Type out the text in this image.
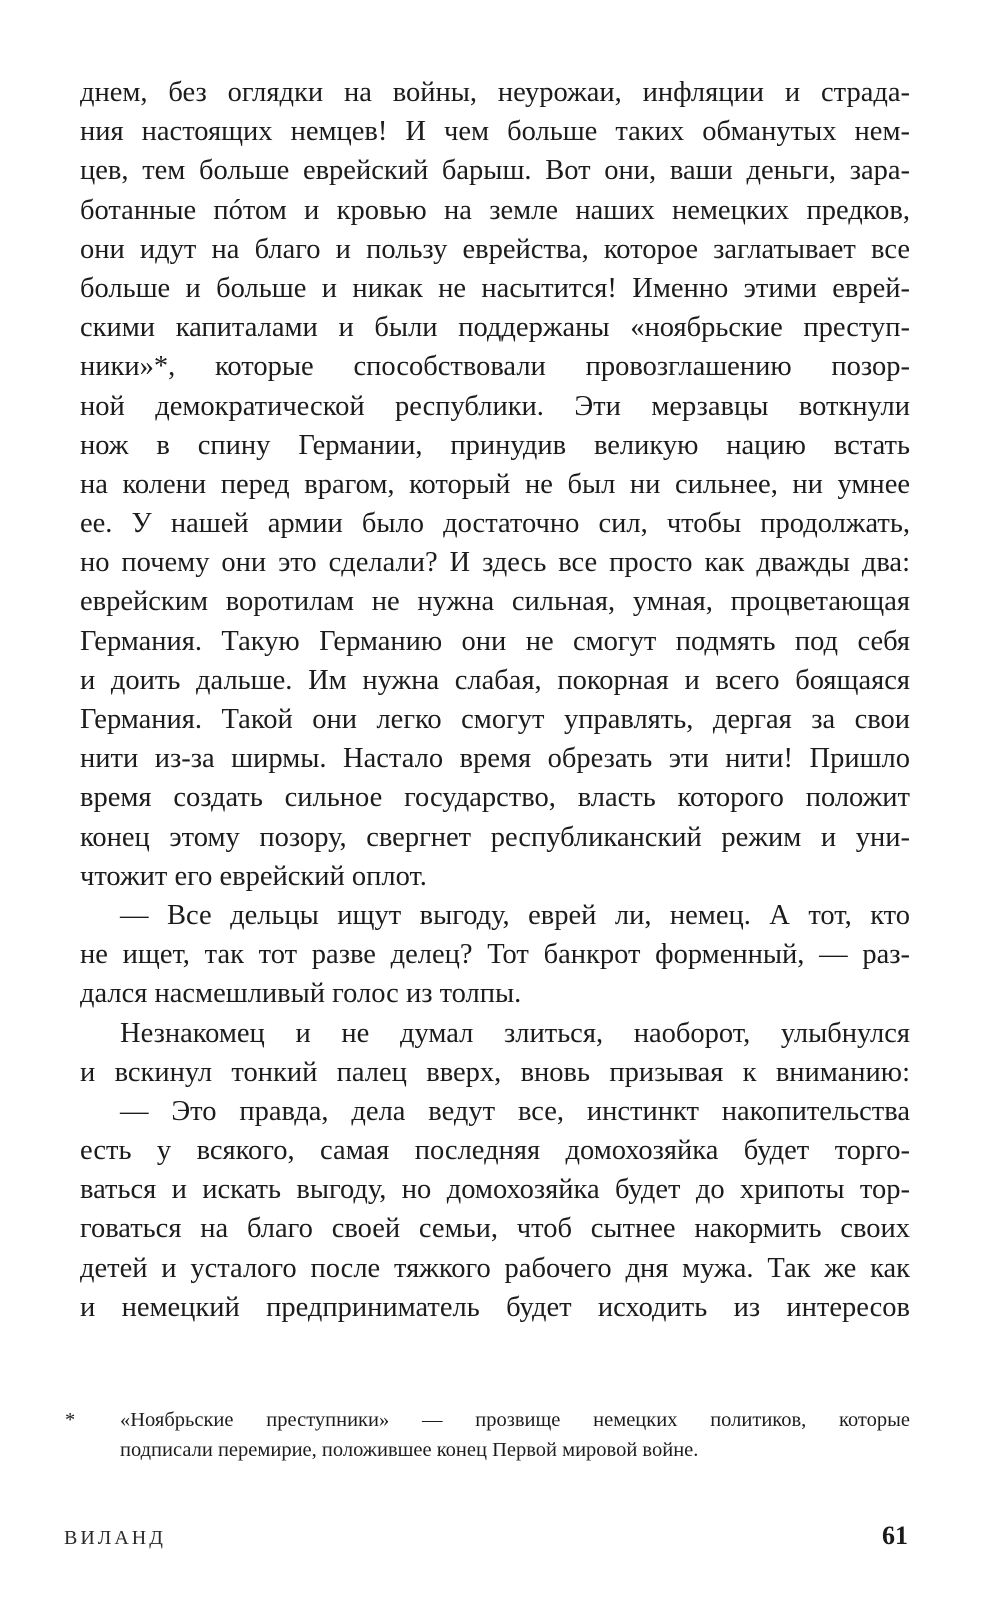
днем, без оглядки на войны, неурожаи, инфляции и страда-
ния настоящих немцев! И чем больше таких обманутых нем-
цев, тем больше еврейский барыш. Вот они, ваши деньги, зара-
ботанные пóтом и кровью на земле наших немецких предков,
они идут на благо и пользу еврейства, которое заглатывает все
больше и больше и никак не насытится! Именно этими еврей-
скими капиталами и были поддержаны «ноябрьские преступ-
ники»*, которые способствовали провозглашению позор-
ной демократической республики. Эти мерзавцы воткнули
нож в спину Германии, принудив великую нацию встать
на колени перед врагом, который не был ни сильнее, ни умнее
ее. У нашей армии было достаточно сил, чтобы продолжать,
но почему они это сделали? И здесь все просто как дважды два:
еврейским воротилам не нужна сильная, умная, процветающая
Германия. Такую Германию они не смогут подмять под себя
и доить дальше. Им нужна слабая, покорная и всего боящаяся
Германия. Такой они легко смогут управлять, дергая за свои
нити из-за ширмы. Настало время обрезать эти нити! Пришло
время создать сильное государство, власть которого положит
конец этому позору, свергнет республиканский режим и уни-
чтожит его еврейский оплот.
— Все дельцы ищут выгоду, еврей ли, немец. А тот, кто
не ищет, так тот разве делец? Тот банкрот форменный, — раз-
дался насмешливый голос из толпы.
Незнакомец и не думал злиться, наоборот, улыбнулся
и вскинул тонкий палец вверх, вновь призывая к вниманию:
— Это правда, дела ведут все, инстинкт накопительства
есть у всякого, самая последняя домохозяйка будет торго-
ваться и искать выгоду, но домохозяйка будет до хрипоты тор-
говаться на благо своей семьи, чтоб сытнее накормить своих
детей и усталого после тяжкого рабочего дня мужа. Так же как
и немецкий предприниматель будет исходить из интересов
*	«Ноябрьские преступники» — прозвище немецких политиков, которые
подписали перемирие, положившее конец Первой мировой войне.
ВИЛАНД	61
